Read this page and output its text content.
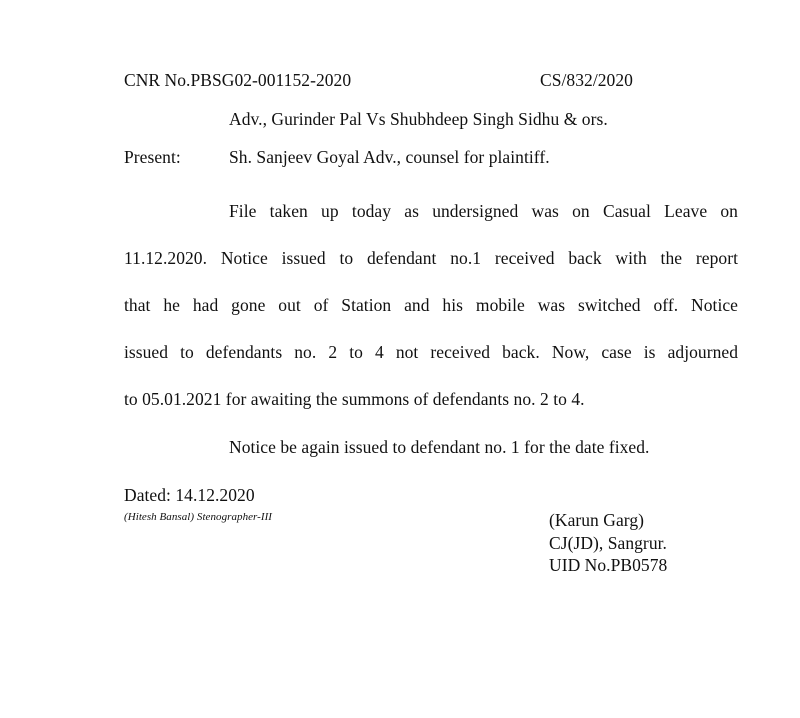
CNR No.PBSG02-001152-2020	CS/832/2020
Adv., Gurinder Pal Vs Shubhdeep Singh Sidhu & ors.
Present:	Sh. Sanjeev Goyal Adv., counsel for plaintiff.
File taken up today as undersigned was on Casual Leave on
11.12.2020. Notice issued to defendant no.1 received back with the report
that he had gone out of Station and his mobile was switched off. Notice
issued to defendants no. 2 to 4 not received back. Now, case is adjourned
to 05.01.2021 for awaiting the summons of defendants no. 2 to 4.
Notice be again issued to defendant no. 1 for the date fixed.
Dated: 14.12.2020
(Hitesh Bansal) Stenographer-III	(Karun Garg)
CJ(JD), Sangrur.
UID No.PB0578
